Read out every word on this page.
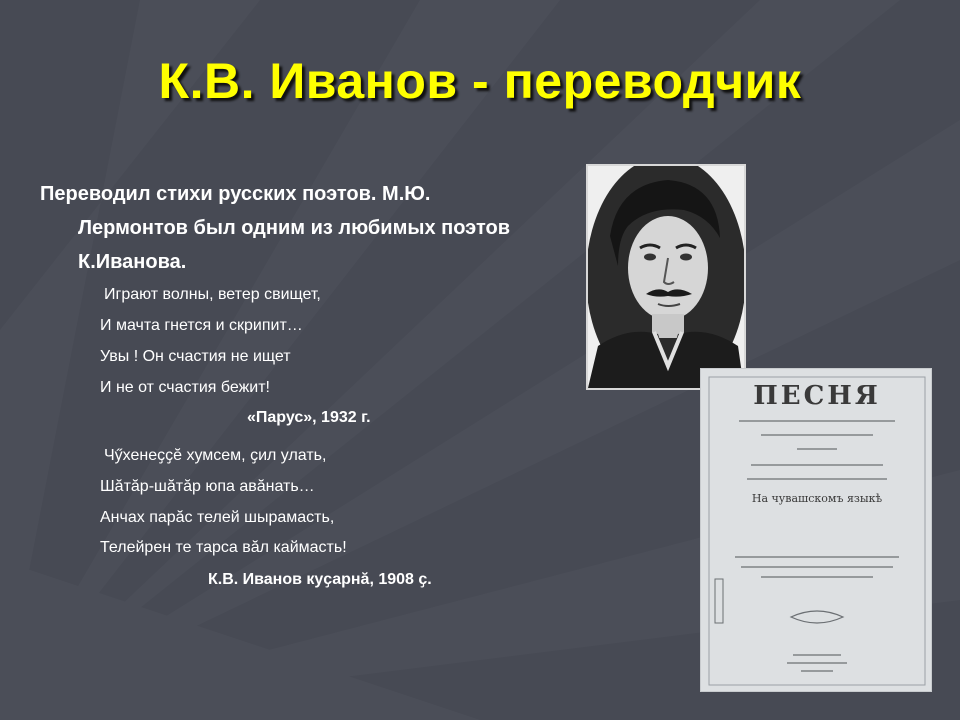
К.В. Иванов - переводчик
Переводил стихи русских поэтов. М.Ю.
Лермонтов был одним из любимых поэтов
К.Иванова.
Играют волны, ветер свищет,
И мачта гнется и скрипит…
Увы ! Он счастия не ищет
И не от счастия бежит!
«Парус», 1932 г.
Чӳхенеҫҫӗ хумсем, ҫил улать,
Шӑтӑр-шӑтӑр юпа авӑнать…
Анчах парӑс телей шырамасть,
Телейрен те тарса вӑл каймасть!
К.В. Иванов куҫарнӑ, 1908 ҫ.
ПЕСНЯ
На чувашскомъ языкѣ
